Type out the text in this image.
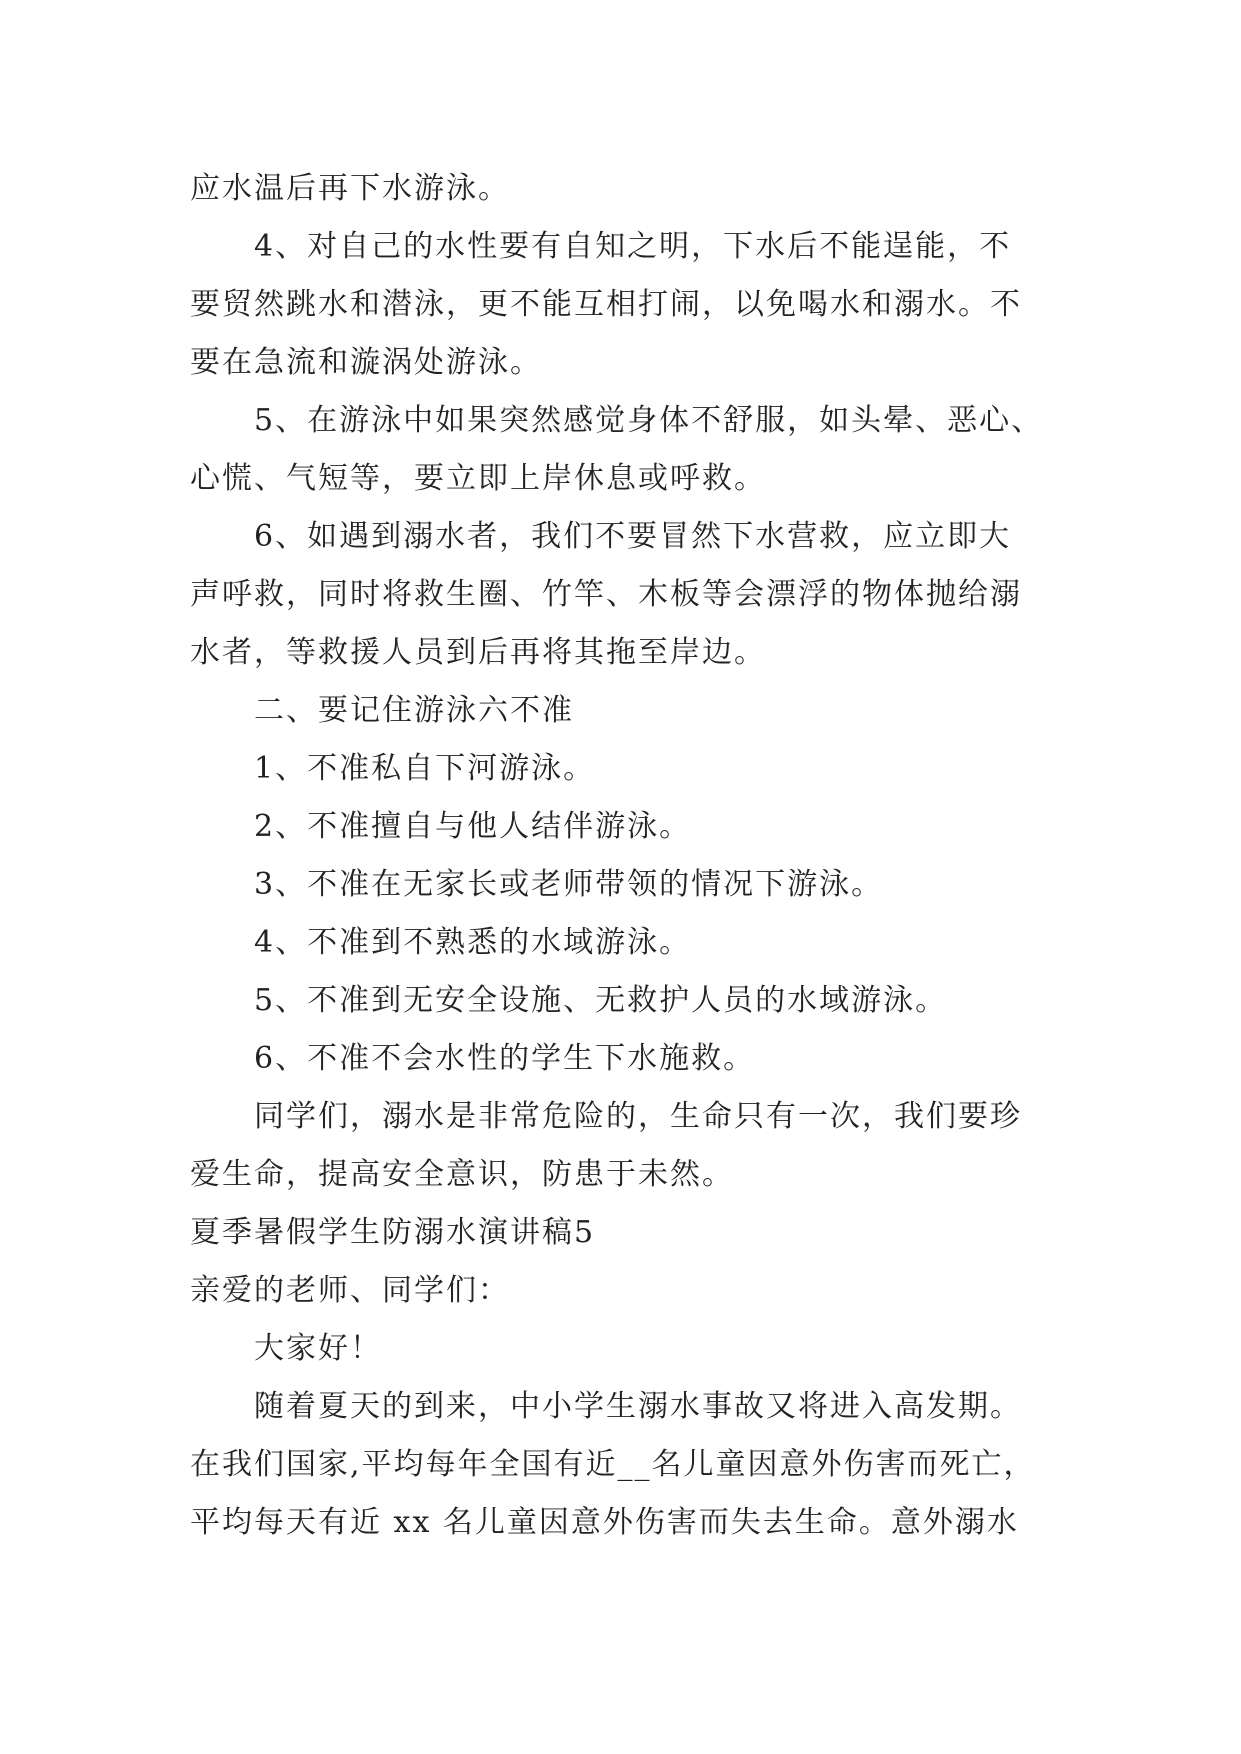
应水温后再下水游泳。
4、对自己的水性要有自知之明，下水后不能逞能，不
要贸然跳水和潜泳，更不能互相打闹，以免喝水和溺水。不
要在急流和漩涡处游泳。
5、在游泳中如果突然感觉身体不舒服，如头晕、恶心、
心慌、气短等，要立即上岸休息或呼救。
6、如遇到溺水者，我们不要冒然下水营救，应立即大
声呼救，同时将救生圈、竹竿、木板等会漂浮的物体抛给溺
水者，等救援人员到后再将其拖至岸边。
二、要记住游泳六不准
1、不准私自下河游泳。
2、不准擅自与他人结伴游泳。
3、不准在无家长或老师带领的情况下游泳。
4、不准到不熟悉的水域游泳。
5、不准到无安全设施、无救护人员的水域游泳。
6、不准不会水性的学生下水施救。
同学们，溺水是非常危险的，生命只有一次，我们要珍
爱生命，提高安全意识，防患于未然。
夏季暑假学生防溺水演讲稿5
亲爱的老师、同学们：
大家好！
随着夏天的到来，中小学生溺水事故又将进入高发期。
在我们国家,平均每年全国有近__名儿童因意外伤害而死亡，
平均每天有近 xx 名儿童因意外伤害而失去生命。意外溺水
